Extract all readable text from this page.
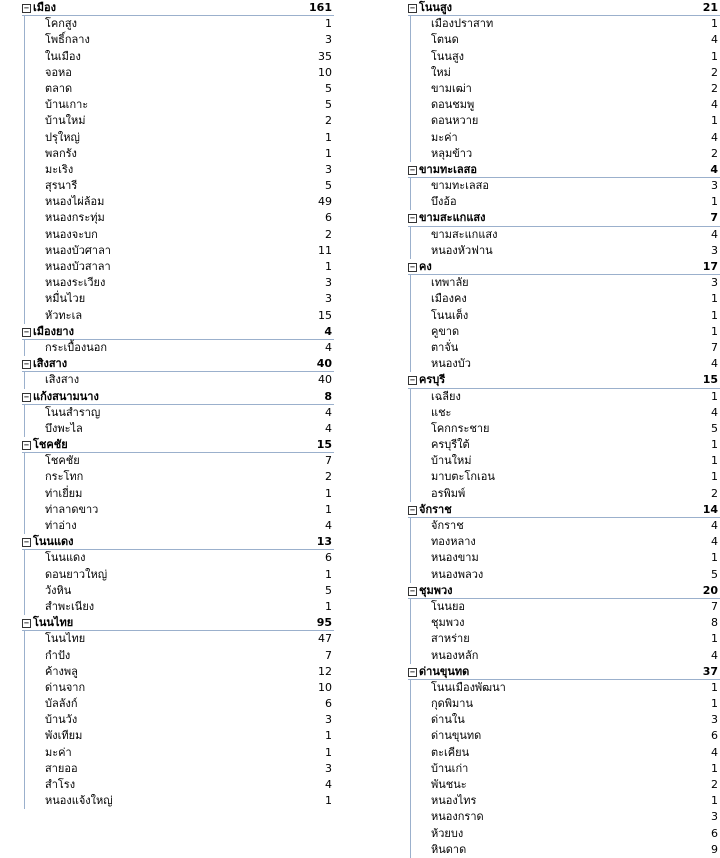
− เมือง	161
โคกสูง	1
โพธิ์กลาง	3
ในเมือง	35
จอหอ	10
ตลาด	5
บ้านเกาะ	5
บ้านใหม่	2
ปรุใหญ่	1
พลกรัง	1
มะเริง	3
สุรนารี	5
หนองไผ่ล้อม	49
หนองกระทุ่ม	6
หนองจะบก	2
หนองบัวศาลา	11
หนองบัวสาลา	1
หนองระเวียง	3
หมื่นไวย	3
หัวทะเล	15
− เมืองยาง	4
กระเบื้องนอก	4
− เสิงสาง	40
เสิงสาง	40
− แก้งสนามนาง	8
โนนสำราญ	4
บึงพะไล	4
− โชคชัย	15
โชคชัย	7
กระโทก	2
ท่าเยี่ยม	1
ท่าลาดขาว	1
ท่าอ่าง	4
− โนนแดง	13
โนนแดง	6
ดอนยาวใหญ่	1
วังหิน	5
สำพะเนียง	1
− โนนไทย	95
โนนไทย	47
กำปัง	7
ค้างพลู	12
ด่านจาก	10
บัลลังก์	6
บ้านวัง	3
พังเทียม	1
มะค่า	1
สายออ	3
สำโรง	4
หนองแจ้งใหญ่	1
− โนนสูง	21
เมืองปราสาท	1
โตนด	4
โนนสูง	1
ใหม่	2
ขามเฒ่า	2
ดอนชมพู	4
ดอนหวาย	1
มะค่า	4
หลุมข้าว	2
− ขามทะเลสอ	4
ขามทะเลสอ	3
บึงอ้อ	1
− ขามสะแกแสง	7
ขามสะแกแสง	4
หนองหัวฟาน	3
− คง	17
เทพาลัย	3
เมืองคง	1
โนนเต็ง	1
คูขาด	1
ตาจั่น	7
หนองบัว	4
− ครบุรี	15
เฉลียง	1
แชะ	4
โคกกระชาย	5
ครบุรีใต้	1
บ้านใหม่	1
มาบตะโกเอน	1
อรพิมพ์	2
− จักราช	14
จักราช	4
ทองหลาง	4
หนองขาม	1
หนองพลวง	5
− ชุมพวง	20
โนนยอ	7
ชุมพวง	8
สาหร่าย	1
หนองหลัก	4
− ด่านขุนทด	37
โนนเมืองพัฒนา	1
กุดพิมาน	1
ด่านใน	3
ด่านขุนทด	6
ตะเคียน	4
บ้านเก่า	1
พันชนะ	2
หนองไทร	1
หนองกราด	3
ห้วยบง	6
หินดาด	9
